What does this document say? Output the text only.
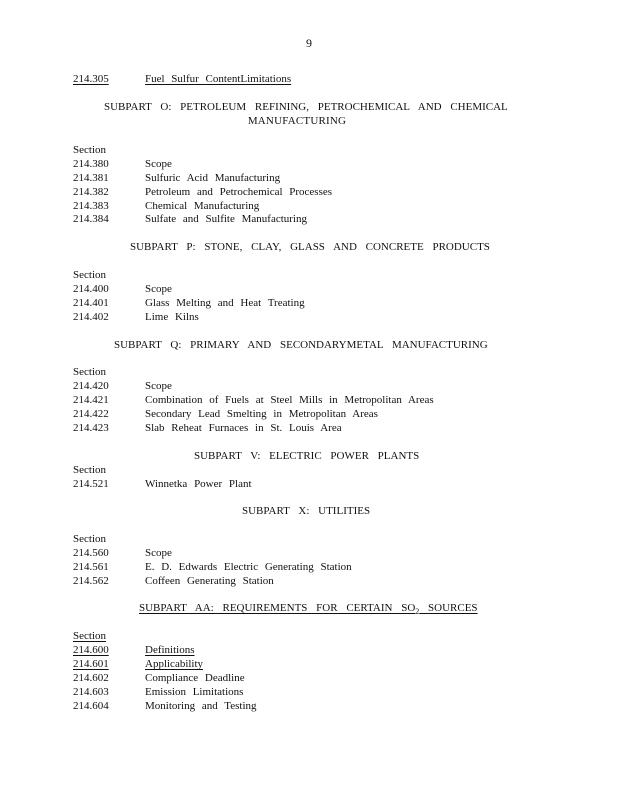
9
214.305	Fuel Sulfur ContentLimitations
SUBPART O: PETROLEUM REFINING, PETROCHEMICAL AND CHEMICAL
MANUFACTURING
Section
214.380	Scope
214.381	Sulfuric Acid Manufacturing
214.382	Petroleum and Petrochemical Processes
214.383	Chemical Manufacturing
214.384	Sulfate and Sulfite Manufacturing
SUBPART P: STONE, CLAY, GLASS AND CONCRETE PRODUCTS
Section
214.400	Scope
214.401	Glass Melting and Heat Treating
214.402	Lime Kilns
SUBPART Q: PRIMARY AND SECONDARYMETAL MANUFACTURING
Section
214.420	Scope
214.421	Combination of Fuels at Steel Mills in Metropolitan Areas
214.422	Secondary Lead Smelting in Metropolitan Areas
214.423	Slab Reheat Furnaces in St. Louis Area
SUBPART V: ELECTRIC POWER PLANTS
Section
214.521	Winnetka Power Plant
SUBPART X: UTILITIES
Section
214.560	Scope
214.561	E. D. Edwards Electric Generating Station
214.562	Coffeen Generating Station
SUBPART AA: REQUIREMENTS FOR CERTAIN $SO_2$ SOURCES
Section
214.600	Definitions
214.601	Applicability
214.602	Compliance Deadline
214.603	Emission Limitations
214.604	Monitoring and Testing
